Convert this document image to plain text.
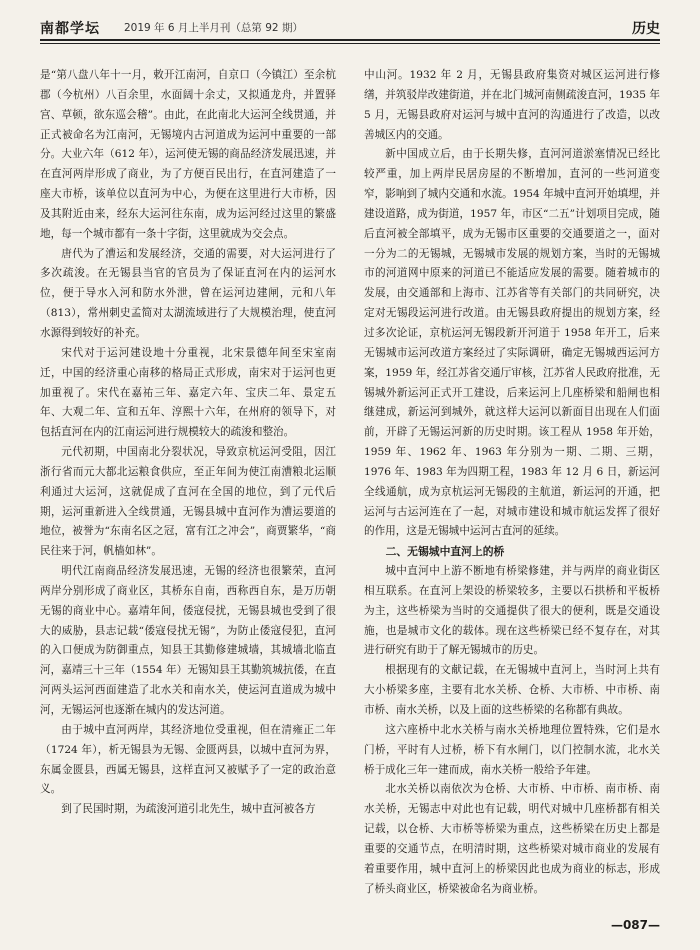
南都学坛 2019 年 6 月上半月刊（总第 92 期）	历史

是“第八盘八年十一月，敕开江南河，自京口（今镇江）至余杭郡（今杭州）八百余里，水面阔十余丈，又拟通龙舟，并置驿宫、草顿，欲东巡会稽”。由此，在此南北大运河全线贯通，并正式被命名为江南河，无锡境内古河道成为运河中重要的一部分。大业六年（612 年），运河使无锡的商品经济发展迅速，并在直河两岸形成了商业，为了方便百民出行，在直河建造了一座大市桥，该单位以直河为中心，为便在这里进行大市桥，因及其附近由来，经东大运河往东南，成为运河经过这里的繁盛地，每一个城市都有一条十字街，这里就成为交会点。

唐代为了漕运和发展经济，交通的需要，对大运河进行了多次疏浚。在无锡县当官的官员为了保证直河在内的运河水位，便于导水入河和防水外泄，曾在运河边建闸，元和八年（813），常州刺史孟简对太湖流域进行了大规模治理，使直河水源得到较好的补充。

宋代对于运河建设地十分重视，北宋景德年间至宋室南迁，中国的经济重心南移的格局正式形成，南宋对于运河也更加重视了。宋代在嘉祐三年、嘉定六年、宝庆二年、景定五年、大观二年、宣和五年、淳熙十六年，在州府的领导下，对包括直河在内的江南运河进行规模较大的疏浚和整治。

元代初期，中国南北分裂状况，导致京杭运河受阻，因江浙行省而元大都北运粮食供应，至正年间为使江南漕粮北运顺利通过大运河，这就促成了直河在全国的地位，到了元代后期，运河重新进入全线贯通，无锡县城中直河作为漕运要道的地位，被誉为“东南名区之冠，富有江之冲会”，商贾繁华，“商民往来于河，帆樯如林”。

明代江南商品经济发展迅速，无锡的经济也很繁荣，直河两岸分别形成了商业区，其桥东自南，西称西自东，是万历朝无锡的商业中心。嘉靖年间，倭寇侵扰，无锡县城也受到了很大的威胁，县志记载“倭寇侵扰无锡”，为防止倭寇侵犯，直河的入口便成为防御重点，知县王其勤修建城墙，其城墙北临直河，嘉靖三十三年（1554 年）无锡知县王其勤筑城抗倭，在直河两头运河西面建造了北水关和南水关，使运河直道成为城中河，无锡运河也逐渐在城内的发达河道。

由于城中直河两岸，其经济地位受重视，但在清雍正二年（1724 年），析无锡县为无锡、金匮两县，以城中直河为界，东属金匮县，西属无锡县，这样直河又被赋予了一定的政治意义。

到了民国时期，为疏浚河道引北先生，城中直河被各方

中山河。1932 年 2 月，无锡县政府集资对城区运河进行修缮，并筑驳岸改建街道，并在北门城河南侧疏浚直河，1935 年 5 月，无锡县政府对运河与城中直河的沟通进行了改造，以改善城区内的交通。

新中国成立后，由于长期失修，直河河道淤塞情况已经比较严重，加上两岸民居房屋的不断增加，直河的一些河道变窄，影响到了城内交通和水流。1954 年城中直河开始填埋，并建设道路，成为街道，1957 年，市区“二五”计划项目完成，随后直河被全部填平，成为无锡市区重要的交通要道之一，面对一分为二的无锡城，无锡城市发展的规划方案，当时的无锡城市的河道网中原来的河道已不能适应发展的需要。随着城市的发展，由交通部和上海市、江苏省等有关部门的共同研究，决定对无锡段运河进行改道。由无锡县政府提出的规划方案，经过多次论证，京杭运河无锡段新开河道于 1958 年开工，后来无锡城市运河改道方案经过了实际调研，确定无锡城西运河方案，1959 年，经江苏省交通厅审核，江苏省人民政府批准，无锡城外新运河正式开工建设，后来运河上几座桥梁和船闸也相继建成，新运河到城外，就这样大运河以新面目出现在人们面前，开辟了无锡运河新的历史时期。该工程从 1958 年开始，1959 年、1962 年、1963 年分别为一期、二期、三期，1976 年、1983 年为四期工程，1983 年 12 月 6 日，新运河全线通航，成为京杭运河无锡段的主航道，新运河的开通，把运河与古运河连在了一起，对城市建设和城市航运发挥了很好的作用，这是无锡城中运河古直河的延续。

二、无锡城中直河上的桥

城中直河中上游不断地有桥梁修建，并与两岸的商业街区相互联系。在直河上架设的桥梁较多，主要以石拱桥和平板桥为主，这些桥梁为当时的交通提供了很大的便利，既是交通设施，也是城市文化的载体。现在这些桥梁已经不复存在，对其进行研究有助于了解无锡城市的历史。

根据现有的文献记载，在无锡城中直河上，当时河上共有大小桥梁多座，主要有北水关桥、仓桥、大市桥、中市桥、南市桥、南水关桥，以及上面的这些桥梁的名称都有典故。

这六座桥中北水关桥与南水关桥地理位置特殊，它们是水门桥，平时有人过桥，桥下有水闸门，以门控制水流，北水关桥于成化三年一建而成，南水关桥一般给予年建。

北水关桥以南依次为仓桥、大市桥、中市桥、南市桥、南水关桥，无锡志中对此也有记载，明代对城中几座桥都有相关记载，以仓桥、大市桥等桥梁为重点，这些桥梁在历史上都是重要的交通节点，在明清时期，这些桥梁对城市商业的发展有着重要作用，城中直河上的桥梁因此也成为商业的标志，形成了桥头商业区，桥梁被命名为商业桥。

—087—
